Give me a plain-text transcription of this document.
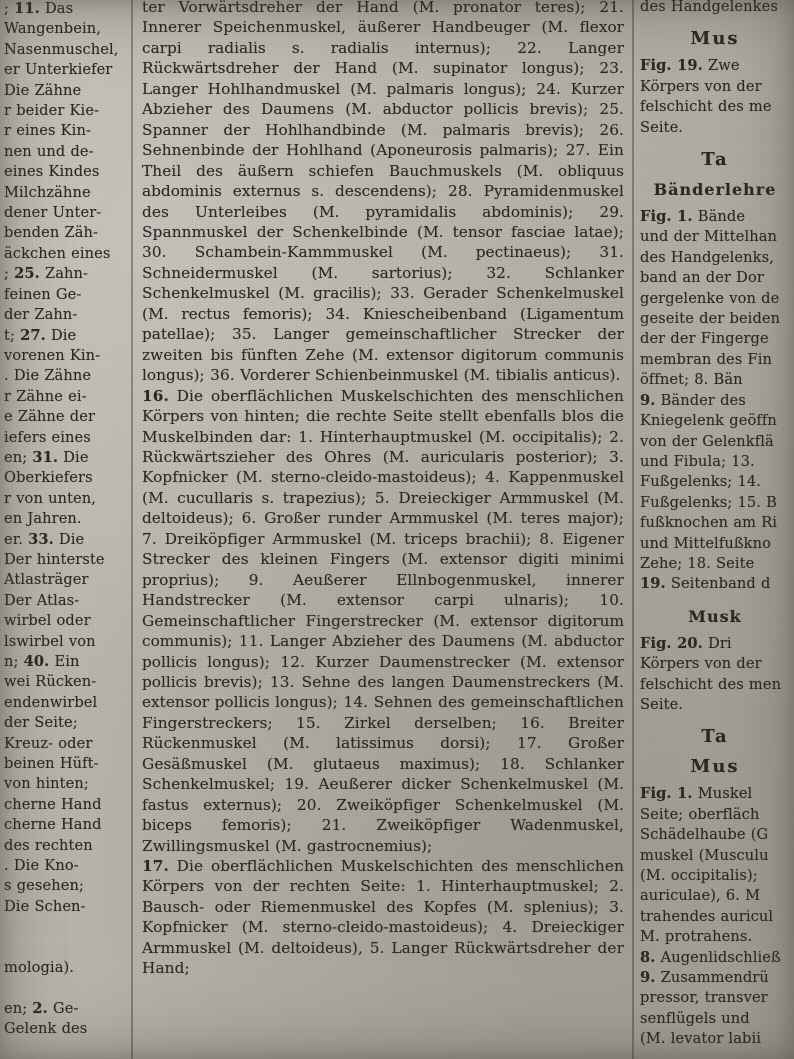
⁠; 11. Das
Wangenbein,
Nasenmuschel,
er Unterkiefer
Die Zähne
r beider Kie-
r eines Kin-
nen und de-
eines Kindes
Milchzähne
dener Unter-
benden Zäh-
äckchen eines
; 25. Zahn-
feinen Ge-
der Zahn-
t; 27. Die
vorenen Kin-
. Die Zähne
r Zähne ei-
e Zähne der
iefers eines
en; 31. Die
Oberkiefers
r von unten,
en Jahren.
er. 33. Die
Der hinterste
Atlasträger
Der Atlas-
wirbel oder
lswirbel von
n; 40. Ein
wei Rücken-
endenwirbel
der Seite;
Kreuz- oder
beinen Hüft-
von hinten;
cherne Hand
cherne Hand
des rechten
. Die Kno-
s gesehen;
Die Schen-
mologia).
en; 2. Ge-
Gelenk des

ter Vorwärtsdreher der Hand (M. pronator teres); 21. Innerer Speichenmuskel, äußerer Handbeuger (M. flexor carpi radialis s. radialis internus); 22. Langer Rückwärtsdreher der Hand (M. supinator longus); 23. Langer Hohlhandmuskel (M. palmaris longus); 24. Kurzer Abzieher des Daumens (M. abductor pollicis brevis); 25. Spanner der Hohlhandbinde (M. palmaris brevis); 26. Sehnenbinde der Hohlhand (Aponeurosis palmaris); 27. Ein Theil des äußern schiefen Bauchmuskels (M. obliquus abdominis externus s. descendens); 28. Pyramidenmuskel des Unterleibes (M. pyramidalis abdominis); 29. Spannmuskel der Schenkelbinde (M. tensor fasciae latae); 30. Schambein-Kammmuskel (M. pectinaeus); 31. Schneidermuskel (M. sartorius); 32. Schlanker Schenkelmuskel (M. gracilis); 33. Gerader Schenkelmuskel (M. rectus femoris); 34. Kniescheibenband (Ligamentum patellae); 35. Langer gemeinschaftlicher Strecker der zweiten bis fünften Zehe (M. extensor digitorum communis longus); 36. Vorderer Schienbeinmuskel (M. tibialis anticus).

16. Die oberflächlichen Muskelschichten des menschlichen Körpers von hinten; die rechte Seite stellt ebenfalls blos die Muskelbinden dar: 1. Hinterhauptmuskel (M. occipitalis); 2. Rückwärtszieher des Ohres (M. auricularis posterior); 3. Kopfnicker (M. sterno-cleido-mastoideus); 4. Kappenmuskel (M. cucullaris s. trapezius); 5. Dreieckiger Armmuskel (M. deltoideus); 6. Großer runder Armmuskel (M. teres major); 7. Dreiköpfiger Armmuskel (M. triceps brachii); 8. Eigener Strecker des kleinen Fingers (M. extensor digiti minimi proprius); 9. Aeußerer Ellnbogenmuskel, innerer Handstrecker (M. extensor carpi ulnaris); 10. Gemeinschaftlicher Fingerstrecker (M. extensor digitorum communis); 11. Langer Abzieher des Daumens (M. abductor pollicis longus); 12. Kurzer Daumenstrecker (M. extensor pollicis brevis); 13. Sehne des langen Daumenstreckers (M. extensor pollicis longus); 14. Sehnen des gemeinschaftlichen Fingerstreckers; 15. Zirkel derselben; 16. Breiter Rückenmuskel (M. latissimus dorsi); 17. Großer Gesäßmuskel (M. glutaeus maximus); 18. Schlanker Schenkelmuskel; 19. Aeußerer dicker Schenkelmuskel (M. fastus externus); 20. Zweiköpfiger Schenkelmuskel (M. biceps femoris); 21. Zweiköpfiger Wadenmuskel, Zwillingsmuskel (M. gastrocnemius);

17. Die oberflächlichen Muskelschichten des menschlichen Körpers von der rechten Seite: 1. Hinterhauptmuskel; 2. Bausch- oder Riemenmuskel des Kopfes (M. splenius); 3. Kopfnicker (M. sterno-cleido-mastoideus); 4. Dreieckiger Armmuskel (M. deltoideus), 5. Langer Rückwärtsdreher der Hand;

des Handgelenkes
Mus
Fig. 19. Zwe
Körpers von der
felschicht des me
Seite.
Ta
Bänderlehre
Fig. 1. Bände
und der Mittelhan
des Handgelenks,
band an der Dor
gergelenke von de
geseite der beiden
der der Fingerge
membran des Fin
öffnet; 8. Bän
9. Bänder des
Kniegelenk geöffn
von der Gelenkflä
und Fibula; 13.
Fußgelenks; 14.
Fußgelenks; 15. B
fußknochen am Ri
und Mittelfußkno
Zehe; 18. Seite
19. Seitenband d
Musk
Fig. 20. Dri
Körpers von der
felschicht des men
Seite.
Ta
Mus
Fig. 1. Muskel
Seite; oberfläch
Schädelhaube (G
muskel (Musculu
(M. occipitalis);
auriculae), 6. M
trahendes auricul
M. protrahens.
8. Augenlidschließ
9. Zusammendrü
pressor, transver
senflügels und
(M. levator labii
